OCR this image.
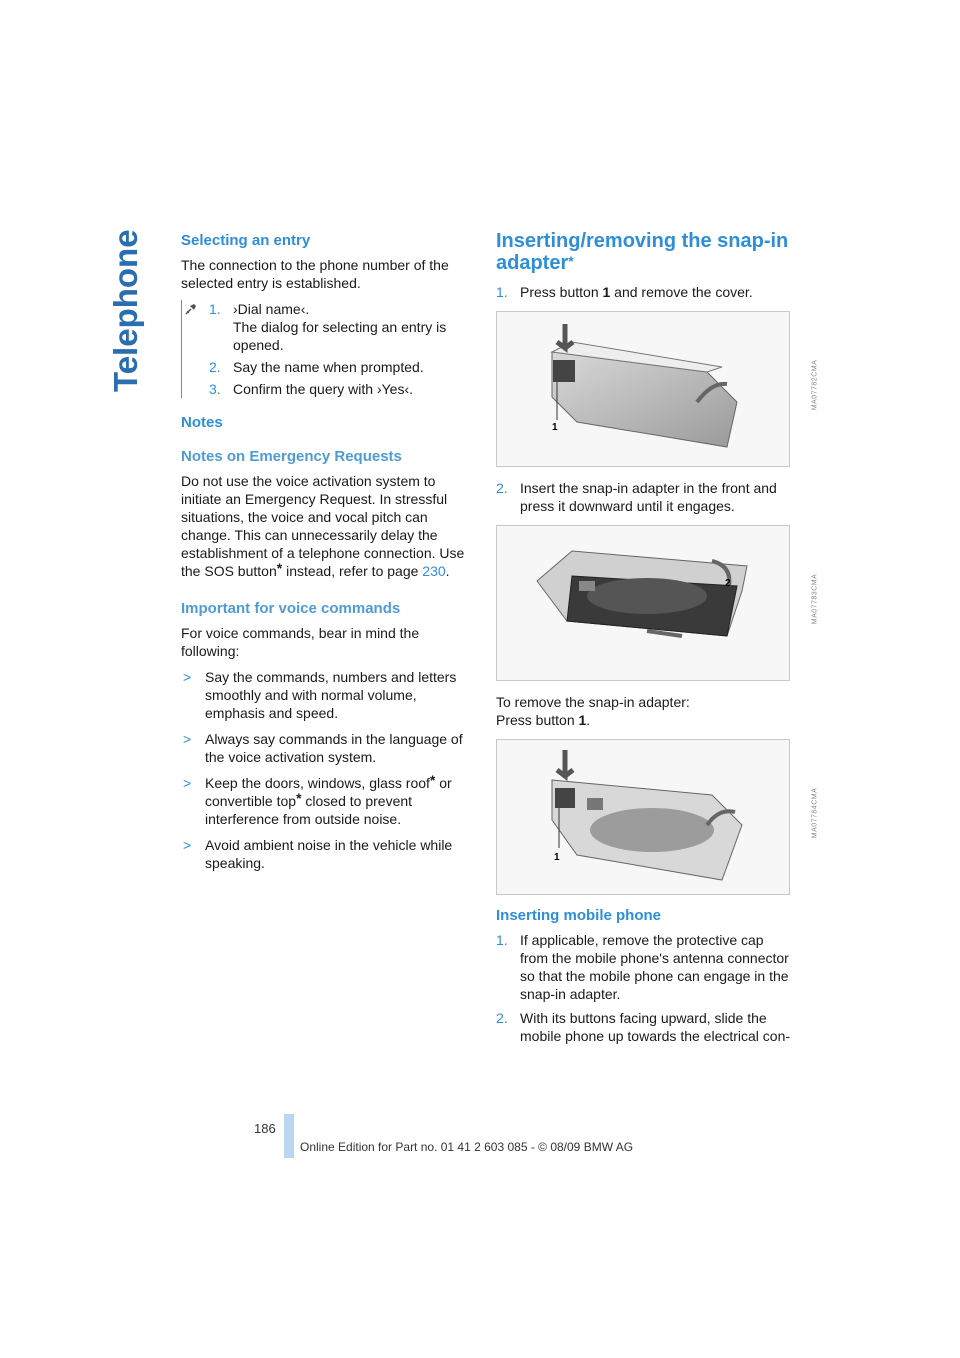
Telephone Selecting an entry

The connection to the phone number of the selected entry is established.

1. ›Dial name‹.
The dialog for selecting an entry is opened.
2. Say the name when prompted.
3. Confirm the query with ›Yes‹.
Notes
Notes on Emergency Requests

Do not use the voice activation system to initiate an Emergency Request. In stressful situations, the voice and vocal pitch can change. This can unnecessarily delay the establishment of a telephone connection. Use the SOS button* instead, refer to page 230.

Important for voice commands

For voice commands, bear in mind the following:

> Say the commands, numbers and letters smoothly and with normal volume, emphasis and speed.
> Always say commands in the language of the voice activation system.
> Keep the doors, windows, glass roof* or convertible top* closed to prevent interference from outside noise.
> Avoid ambient noise in the vehicle while speaking.
Inserting/removing the snap-in adapter*
1. Press button 1 and remove the cover.
1
MA07782CMA
2. Insert the snap-in adapter in the front and press it downward until it engages.
2	MA07783CMA

To remove the snap-in adapter:

Press button 1.

1
MA07784CMA
Inserting mobile phone
1. If applicable, remove the protective cap from the mobile phone's antenna connector so that the mobile phone can engage in the snap-in adapter.
2. With its buttons facing upward, slide the mobile phone up towards the electrical con-
186
Online Edition for Part no. 01 41 2 603 085 - © 08/09 BMW AG
